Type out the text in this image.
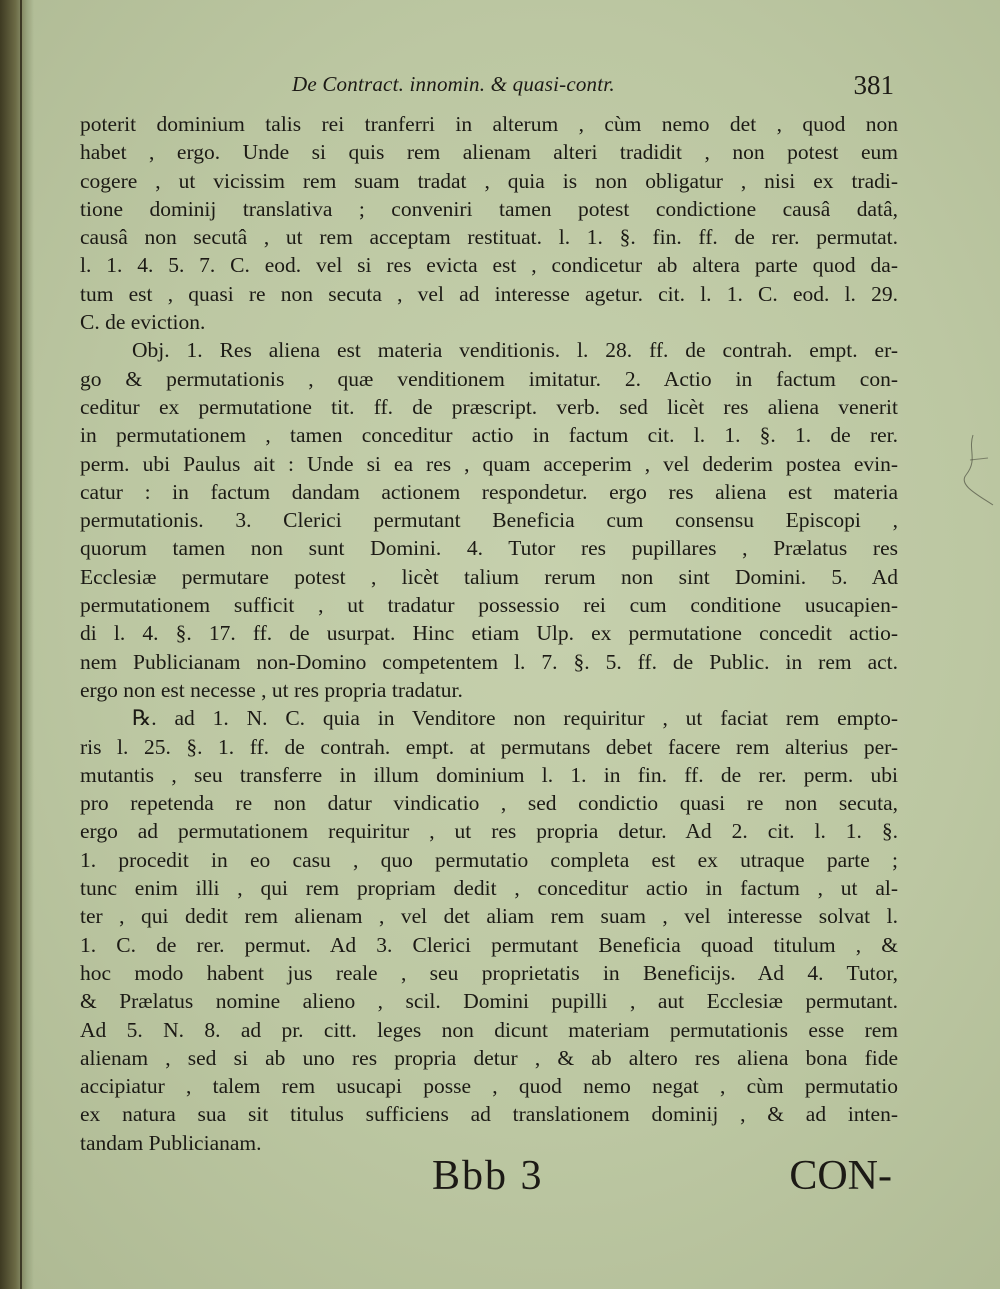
De Contract. innomin. & quasi-contr.	381
poterit dominium talis rei tranferri in alterum , cùm nemo det , quod non
habet , ergo. Unde si quis rem alienam alteri tradidit , non potest eum
cogere , ut vicissim rem suam tradat , quia is non obligatur , nisi ex tradi-
tione dominij translativa ; conveniri tamen potest condictione causâ datâ,
causâ non secutâ , ut rem acceptam restituat. l. 1. §. fin. ff. de rer. permutat.
l. 1. 4. 5. 7. C. eod. vel si res evicta est , condicetur ab altera parte quod da-
tum est , quasi re non secuta , vel ad interesse agetur. cit. l. 1. C. eod. l. 29.
C. de eviction.
Obj. 1. Res aliena est materia venditionis. l. 28. ff. de contrah. empt. er-
go & permutationis , quæ venditionem imitatur. 2. Actio in factum con-
ceditur ex permutatione tit. ff. de præscript. verb. sed licèt res aliena venerit
in permutationem , tamen conceditur actio in factum cit. l. 1. §. 1. de rer.
perm. ubi Paulus ait : Unde si ea res , quam acceperim , vel dederim postea evin-
catur : in factum dandam actionem respondetur. ergo res aliena est materia
permutationis. 3. Clerici permutant Beneficia cum consensu Episcopi ,
quorum tamen non sunt Domini. 4. Tutor res pupillares , Prælatus res
Ecclesiæ permutare potest , licèt talium rerum non sint Domini. 5. Ad
permutationem sufficit , ut tradatur possessio rei cum conditione usucapien-
di l. 4. §. 17. ff. de usurpat. Hinc etiam Ulp. ex permutatione concedit actio-
nem Publicianam non-Domino competentem l. 7. §. 5. ff. de Public. in rem act.
ergo non est necesse , ut res propria tradatur.
℞. ad 1. N. C. quia in Venditore non requiritur , ut faciat rem empto-
ris l. 25. §. 1. ff. de contrah. empt. at permutans debet facere rem alterius per-
mutantis , seu transferre in illum dominium l. 1. in fin. ff. de rer. perm. ubi
pro repetenda re non datur vindicatio , sed condictio quasi re non secuta,
ergo ad permutationem requiritur , ut res propria detur. Ad 2. cit. l. 1. §.
1. procedit in eo casu , quo permutatio completa est ex utraque parte ;
tunc enim illi , qui rem propriam dedit , conceditur actio in factum , ut al-
ter , qui dedit rem alienam , vel det aliam rem suam , vel interesse solvat l.
1. C. de rer. permut. Ad 3. Clerici permutant Beneficia quoad titulum , &
hoc modo habent jus reale , seu proprietatis in Beneficijs. Ad 4. Tutor,
& Prælatus nomine alieno , scil. Domini pupilli , aut Ecclesiæ permutant.
Ad 5. N. 8. ad pr. citt. leges non dicunt materiam permutationis esse rem
alienam , sed si ab uno res propria detur , & ab altero res aliena bona fide
accipiatur , talem rem usucapi posse , quod nemo negat , cùm permutatio
ex natura sua sit titulus sufficiens ad translationem dominij , & ad inten-
tandam Publicianam.
Bbb 3	CON-
